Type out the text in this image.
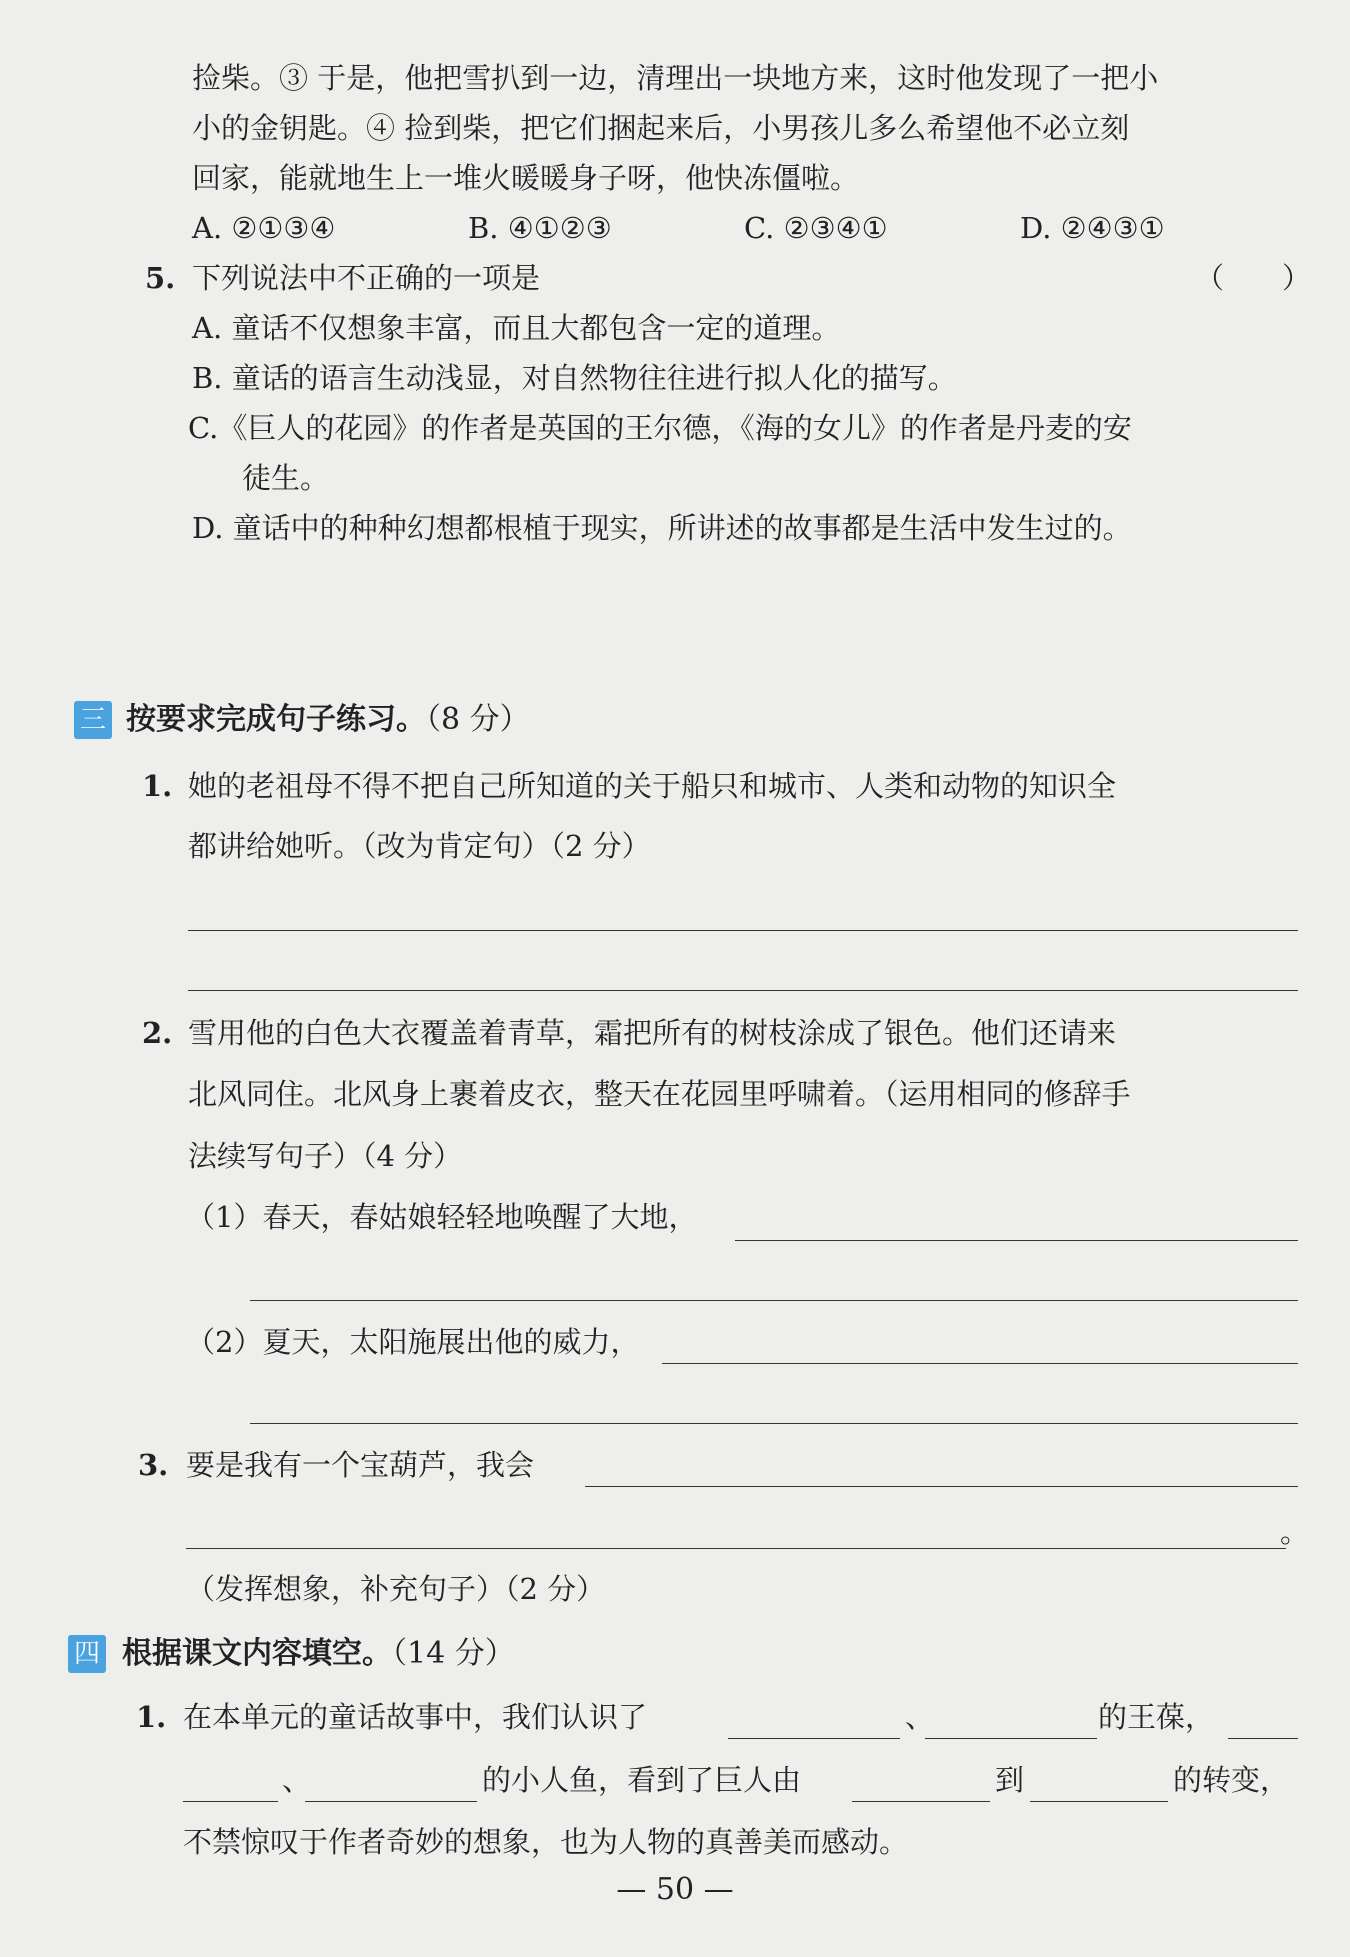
捡柴。③ 于是，他把雪扒到一边，清理出一块地方来，这时他发现了一把小
小的金钥匙。④ 捡到柴，把它们捆起来后，小男孩儿多么希望他不必立刻
回家，能就地生上一堆火暖暖身子呀，他快冻僵啦。
A. ②①③④	B. ④①②③	C. ②③④①	D. ②④③①
5. 下列说法中不正确的一项是	（　　）
A. 童话不仅想象丰富，而且大都包含一定的道理。
B. 童话的语言生动浅显，对自然物往往进行拟人化的描写。
C.《巨人的花园》的作者是英国的王尔德，《海的女儿》的作者是丹麦的安
徒生。
D. 童话中的种种幻想都根植于现实，所讲述的故事都是生活中发生过的。
三 按要求完成句子练习。（8 分）
1. 她的老祖母不得不把自己所知道的关于船只和城市、人类和动物的知识全
都讲给她听。（改为肯定句）（2 分）
2. 雪用他的白色大衣覆盖着青草，霜把所有的树枝涂成了银色。他们还请来
北风同住。北风身上裹着皮衣，整天在花园里呼啸着。（运用相同的修辞手
法续写句子）（4 分）
（1）春天，春姑娘轻轻地唤醒了大地，
（2）夏天，太阳施展出他的威力，
3. 要是我有一个宝葫芦，我会
。
（发挥想象，补充句子）（2 分）
四 根据课文内容填空。（14 分）
1. 在本单元的童话故事中，我们认识了	、	的王葆，
、	的小人鱼，看到了巨人由	到	的转变，
不禁惊叹于作者奇妙的想象，也为人物的真善美而感动。
— 50 —
